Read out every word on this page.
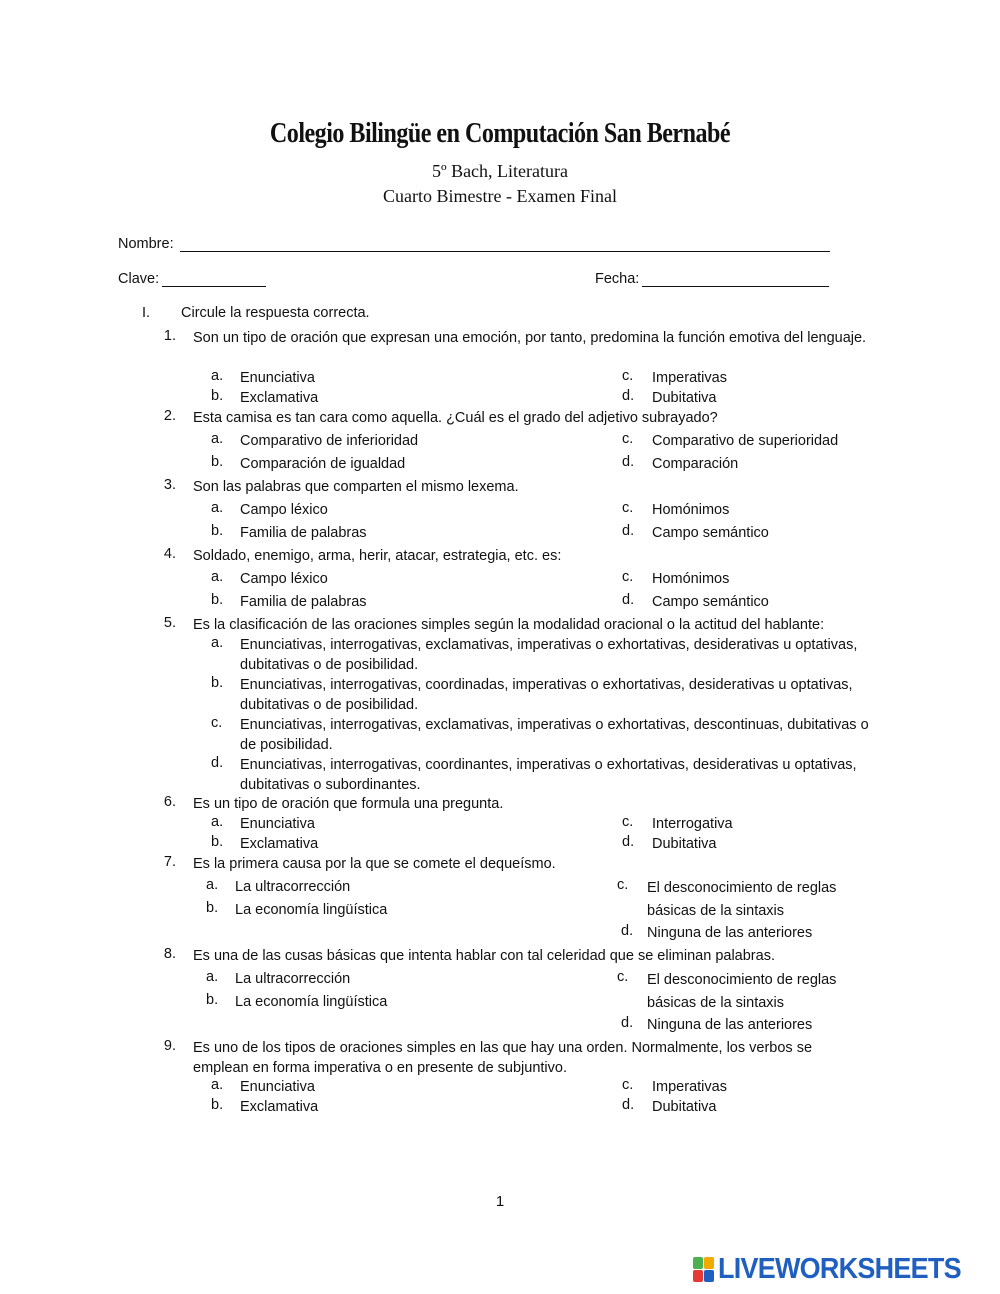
Colegio Bilingüe en Computación San Bernabé
5º Bach, Literatura
Cuarto Bimestre - Examen Final
Nombre:
Clave:	Fecha:
I. Circule la respuesta correcta.
1. Son un tipo de oración que expresan una emoción, por tanto, predomina la función emotiva del lenguaje.
a. Enunciativa
b. Exclamativa
c. Imperativas
d. Dubitativa
2. Esta camisa es tan cara como aquella. ¿Cuál es el grado del adjetivo subrayado?
a. Comparativo de inferioridad
b. Comparación de igualdad
c. Comparativo de superioridad
d. Comparación
3. Son las palabras que comparten el mismo lexema.
a. Campo léxico
b. Familia de palabras
c. Homónimos
d. Campo semántico
4. Soldado, enemigo, arma, herir, atacar, estrategia, etc. es:
a. Campo léxico
b. Familia de palabras
c. Homónimos
d. Campo semántico
5. Es la clasificación de las oraciones simples según la modalidad oracional o la actitud del hablante:
a. Enunciativas, interrogativas, exclamativas, imperativas o exhortativas, desiderativas u optativas, dubitativas o de posibilidad.
b. Enunciativas, interrogativas, coordinadas, imperativas o exhortativas, desiderativas u optativas, dubitativas o de posibilidad.
c. Enunciativas, interrogativas, exclamativas, imperativas o exhortativas, descontinuas, dubitativas o de posibilidad.
d. Enunciativas, interrogativas, coordinantes, imperativas o exhortativas, desiderativas u optativas, dubitativas o subordinantes.
6. Es un tipo de oración que formula una pregunta.
a. Enunciativa
b. Exclamativa
c. Interrogativa
d. Dubitativa
7. Es la primera causa por la que se comete el dequeísmo.
a. La ultracorrección
b. La economía lingüística
c. El desconocimiento de reglas básicas de la sintaxis
d. Ninguna de las anteriores
8. Es una de las cusas básicas que intenta hablar con tal celeridad que se eliminan palabras.
a. La ultracorrección
b. La economía lingüística
c. El desconocimiento de reglas básicas de la sintaxis
d. Ninguna de las anteriores
9. Es uno de los tipos de oraciones simples en las que hay una orden. Normalmente, los verbos se emplean en forma imperativa o en presente de subjuntivo.
a. Enunciativa
b. Exclamativa
c. Imperativas
d. Dubitativa
1
LIVEWORKSHEETS
